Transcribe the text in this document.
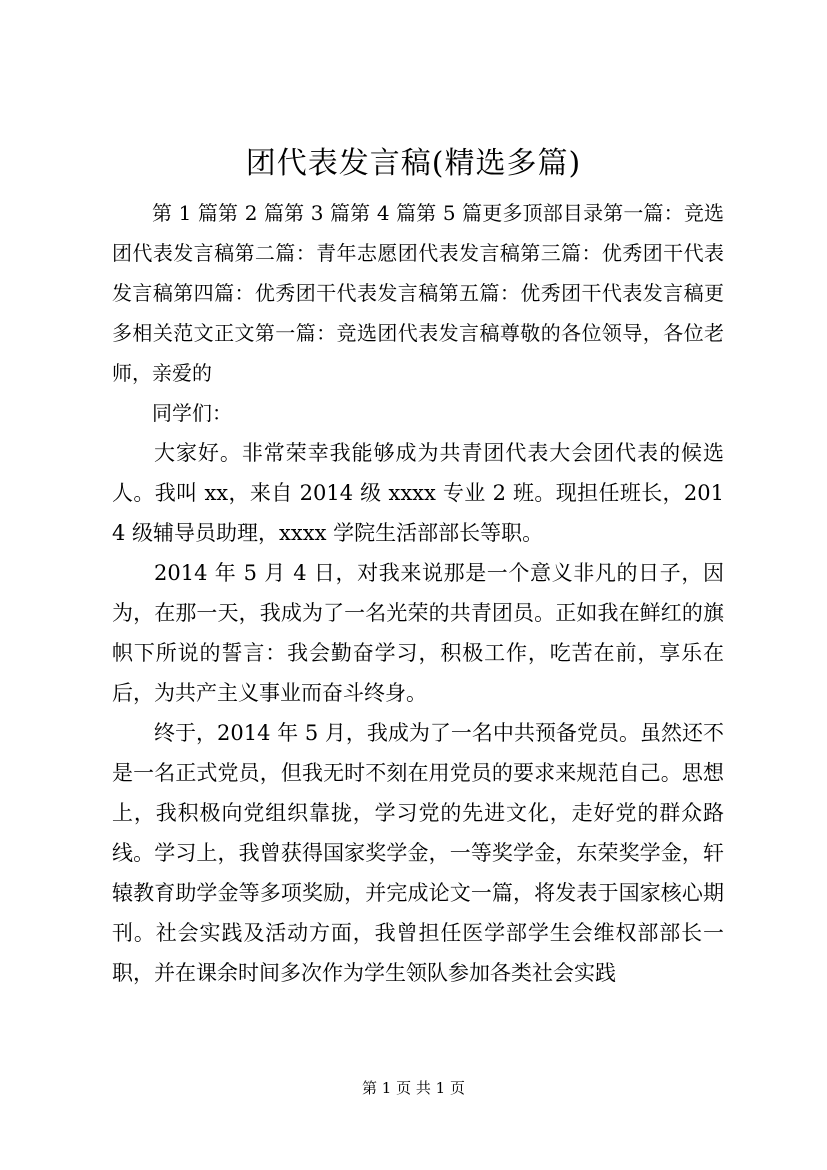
团代表发言稿(精选多篇)

第 1 篇第 2 篇第 3 篇第 4 篇第 5 篇更多顶部目录第一篇：竞选团代表发言稿第二篇：青年志愿团代表发言稿第三篇：优秀团干代表发言稿第四篇：优秀团干代表发言稿第五篇：优秀团干代表发言稿更多相关范文正文第一篇：竞选团代表发言稿尊敬的各位领导，各位老师，亲爱的

同学们：

大家好。非常荣幸我能够成为共青团代表大会团代表的候选人。我叫 xx，来自 2014 级 xxxx 专业 2 班。现担任班长，2014 级辅导员助理，xxxx 学院生活部部长等职。

2014 年 5 月 4 日，对我来说那是一个意义非凡的日子，因为，在那一天，我成为了一名光荣的共青团员。正如我在鲜红的旗帜下所说的誓言：我会勤奋学习，积极工作，吃苦在前，享乐在后，为共产主义事业而奋斗终身。

终于，2014 年 5 月，我成为了一名中共预备党员。虽然还不是一名正式党员，但我无时不刻在用党员的要求来规范自己。思想上，我积极向党组织靠拢，学习党的先进文化，走好党的群众路线。学习上，我曾获得国家奖学金，一等奖学金，东荣奖学金，轩辕教育助学金等多项奖励，并完成论文一篇，将发表于国家核心期刊。社会实践及活动方面，我曾担任医学部学生会维权部部长一职，并在课余时间多次作为学生领队参加各类社会实践

第 1 页 共 1 页
